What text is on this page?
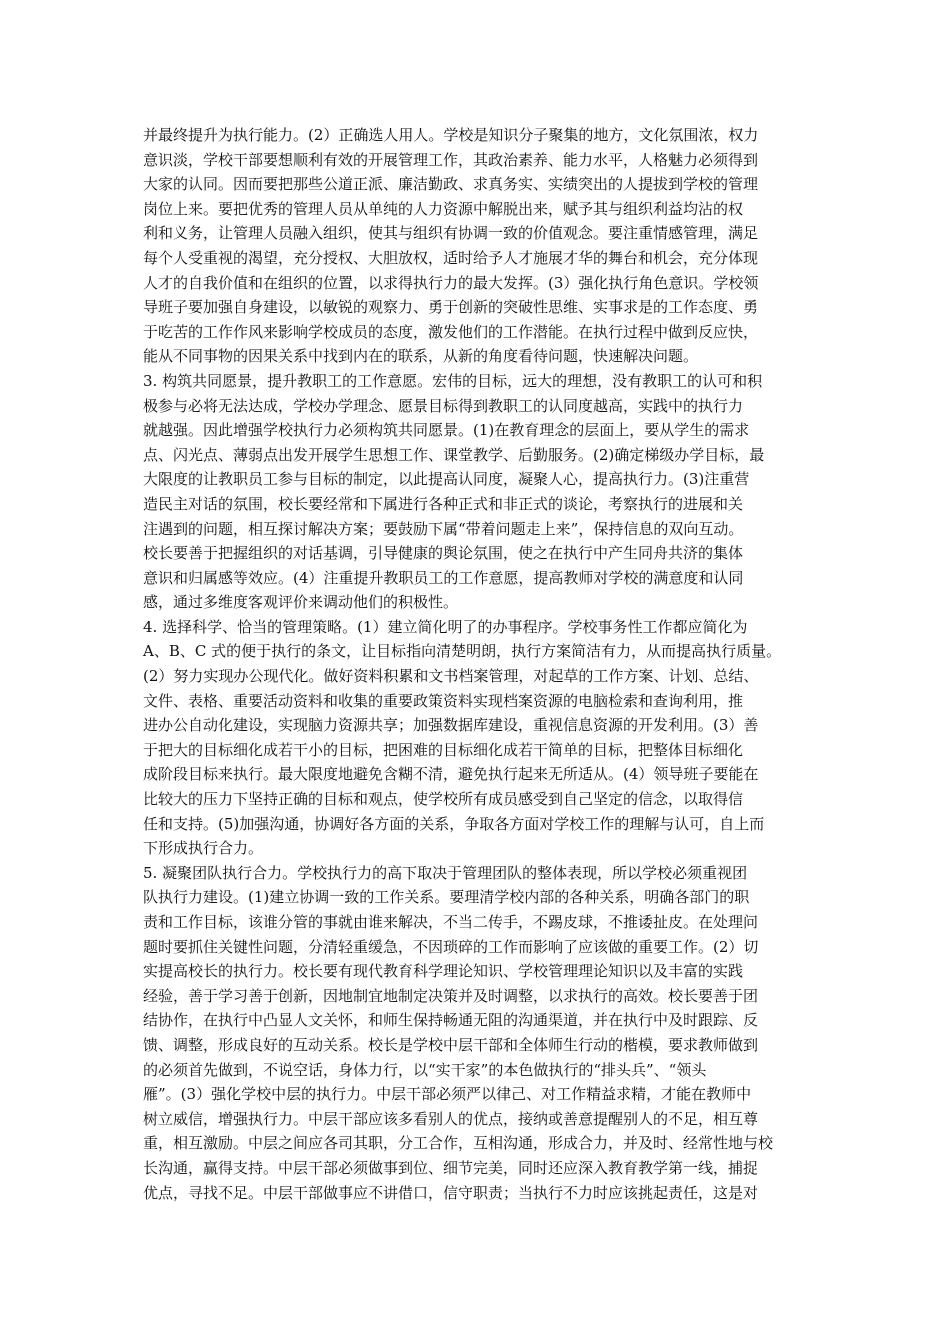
并最终提升为执行能力。(2）正确选人用人。学校是知识分子聚集的地方，文化氛围浓，权力
意识淡，学校干部要想顺利有效的开展管理工作，其政治素养、能力水平，人格魅力必须得到
大家的认同。因而要把那些公道正派、廉洁勤政、求真务实、实绩突出的人提拔到学校的管理
岗位上来。要把优秀的管理人员从单纯的人力资源中解脱出来，赋予其与组织利益均沾的权
利和义务，让管理人员融入组织，使其与组织有协调一致的价值观念。要注重情感管理，满足
每个人受重视的渴望，充分授权、大胆放权，适时给予人才施展才华的舞台和机会，充分体现
人才的自我价值和在组织的位置，以求得执行力的最大发挥。(3）强化执行角色意识。学校领
导班子要加强自身建设，以敏锐的观察力、勇于创新的突破性思维、实事求是的工作态度、勇
于吃苦的工作作风来影响学校成员的态度，激发他们的工作潜能。在执行过程中做到反应快，
能从不同事物的因果关系中找到内在的联系，从新的角度看待问题，快速解决问题。
3. 构筑共同愿景，提升教职工的工作意愿。宏伟的目标，远大的理想，没有教职工的认可和积
极参与必将无法达成，学校办学理念、愿景目标得到教职工的认同度越高，实践中的执行力
就越强。因此增强学校执行力必须构筑共同愿景。(1)在教育理念的层面上，要从学生的需求
点、闪光点、薄弱点出发开展学生思想工作、课堂教学、后勤服务。(2)确定梯级办学目标，最
大限度的让教职员工参与目标的制定，以此提高认同度，凝聚人心，提高执行力。(3)注重营
造民主对话的氛围，校长要经常和下属进行各种正式和非正式的谈论，考察执行的进展和关
注遇到的问题，相互探讨解决方案；要鼓励下属“带着问题走上来”，保持信息的双向互动。
校长要善于把握组织的对话基调，引导健康的舆论氛围，使之在执行中产生同舟共济的集体
意识和归属感等效应。(4）注重提升教职员工的工作意愿，提高教师对学校的满意度和认同
感，通过多维度客观评价来调动他们的积极性。
4. 选择科学、恰当的管理策略。(1）建立简化明了的办事程序。学校事务性工作都应简化为
A、B、C 式的便于执行的条文，让目标指向清楚明朗，执行方案简洁有力，从而提高执行质量。
(2）努力实现办公现代化。做好资料积累和文书档案管理，对起草的工作方案、计划、总结、
文件、表格、重要活动资料和收集的重要政策资料实现档案资源的电脑检索和查询利用，推
进办公自动化建设，实现脑力资源共享；加强数据库建设，重视信息资源的开发利用。(3）善
于把大的目标细化成若干小的目标，把困难的目标细化成若干简单的目标，把整体目标细化
成阶段目标来执行。最大限度地避免含糊不清，避免执行起来无所适从。(4）领导班子要能在
比较大的压力下坚持正确的目标和观点，使学校所有成员感受到自己坚定的信念，以取得信
任和支持。(5)加强沟通，协调好各方面的关系，争取各方面对学校工作的理解与认可，自上而
下形成执行合力。
5. 凝聚团队执行合力。学校执行力的高下取决于管理团队的整体表现，所以学校必须重视团
队执行力建设。(1)建立协调一致的工作关系。要理清学校内部的各种关系，明确各部门的职
责和工作目标，该谁分管的事就由谁来解决，不当二传手，不踢皮球，不推诿扯皮。在处理问
题时要抓住关键性问题，分清轻重缓急，不因琐碎的工作而影响了应该做的重要工作。(2）切
实提高校长的执行力。校长要有现代教育科学理论知识、学校管理理论知识以及丰富的实践
经验，善于学习善于创新，因地制宜地制定决策并及时调整，以求执行的高效。校长要善于团
结协作，在执行中凸显人文关怀，和师生保持畅通无阻的沟通渠道，并在执行中及时跟踪、反
馈、调整，形成良好的互动关系。校长是学校中层干部和全体师生行动的楷模，要求教师做到
的必须首先做到，不说空话，身体力行，以“实干家”的本色做执行的“排头兵”、“领头
雁”。(3）强化学校中层的执行力。中层干部必须严以律己、对工作精益求精，才能在教师中
树立威信，增强执行力。中层干部应该多看别人的优点，接纳或善意提醒别人的不足，相互尊
重，相互激励。中层之间应各司其职，分工合作，互相沟通，形成合力，并及时、经常性地与校
长沟通，赢得支持。中层干部必须做事到位、细节完美，同时还应深入教育教学第一线，捕捉
优点，寻找不足。中层干部做事应不讲借口，信守职责；当执行不力时应该挑起责任，这是对
